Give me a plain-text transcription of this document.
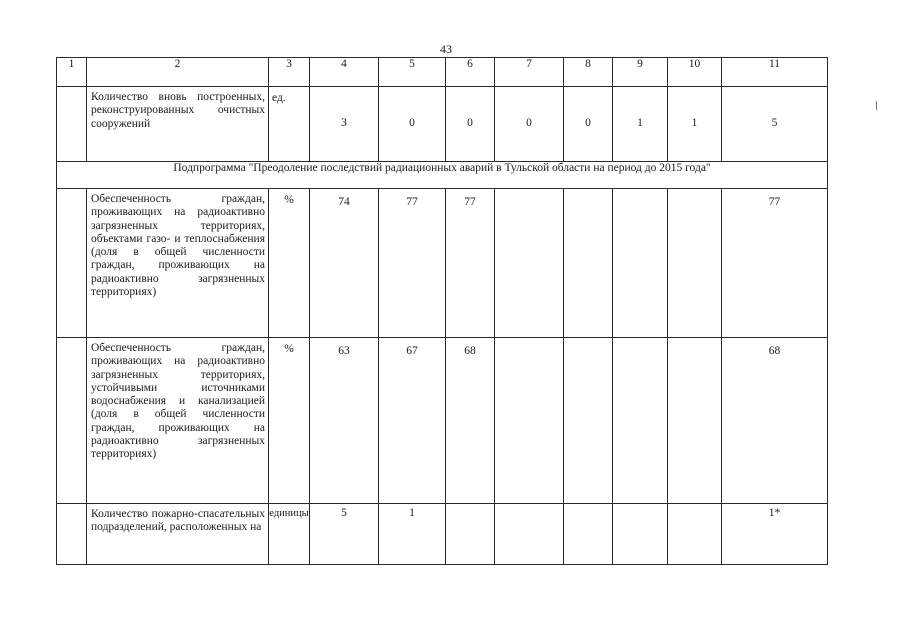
43
1	2	3	4	5	6	7	8	9	10	11
	Количество вновь построенных, реконструированных очистных сооружений	ед.	3	0	0	0	0	1	1	5
Подпрограмма "Преодоление последствий радиационных аварий в Тульской области на период до 2015 года"										
	Обеспеченность граждан, проживающих на радиоактивно загрязненных территориях, объектами газо- и теплоснабжения (доля в общей численности граждан, проживающих на радиоактивно загрязненных территориях)	%	74	77	77					77
	Обеспеченность граждан, проживающих на радиоактивно загрязненных территориях, устойчивыми источниками водоснабжения и канализацией (доля в общей численности граждан, проживающих на радиоактивно загрязненных территориях)	%	63	67	68					68
	Количество пожарно-спасательных подразделений, расположенных на	единицы	5	1						1*
